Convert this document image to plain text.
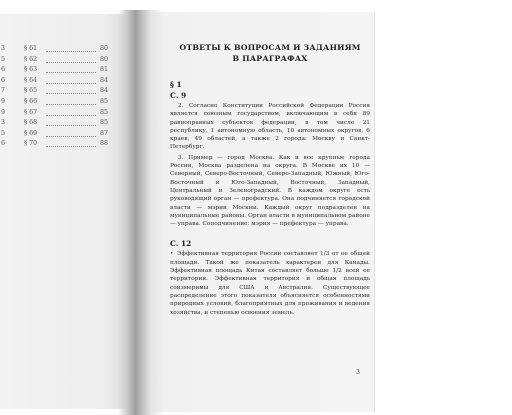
3	§ 61	80
5	§ 62	80
6	§ 63	81
6	§ 64	84
7	§ 65	84
9	§ 66	85
9	§ 67	85
3	§ 68	85
5	§ 69	87
6	§ 70	88
ОТВЕТЫ К ВОПРОСАМ И ЗАДАНИЯМ
В ПАРАГРАФАХ

§ 1

С. 9

2. Согласно Конституции Российской Федерации Россия является союзным государством, включающим в себя 89 равноправных субъектов федерации, в том числе 21 республику, 1 автономную область, 10 автономных округов, 6 краев, 49 областей, а также 2 города: Москву и Санкт-Петербург.

3. Пример — город Москва. Как и все крупные города России, Москва разделена на округа. В Москве их 10 — Северный, Северо-Восточный, Северо-Западный, Южный, Юго-Восточный и Юго-Западный, Восточный, Западный, Центральный и Зеленоградский. В каждом округе есть руководящий орган — префектура. Она подчиняется городской власти — мэрии Москвы. Каждый округ подразделен на муниципальные районы. Орган власти в муниципальном районе — управа. Соподчинение: мэрия — префектура — управа.

С. 12

• Эффективная территория России составляет 1/3 от ее общей площади. Такой же показатель характерен для Канады. Эффективная площадь Китая составляет больше 1/2 всей ее территории. Эффективная территория и общая площадь соизмеримы для США и Австралии. Существующее распределение этого показателя объясняется особенностями природных условий, благоприятных для проживания и ведения хозяйства, и степенью освоения земель.

3
